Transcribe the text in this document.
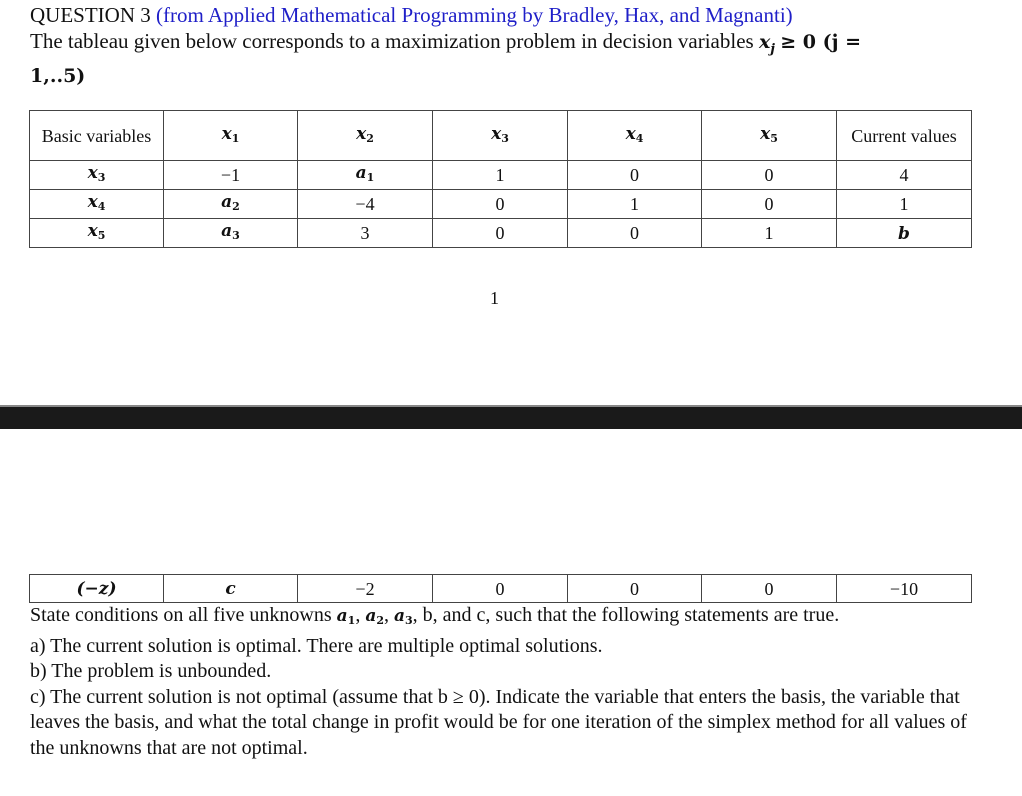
QUESTION 3 (from Applied Mathematical Programming by Bradley, Hax, and Magnanti)
The tableau given below corresponds to a maximization problem in decision variables $x_j \ge 0$ (j =
1,..5)
Basic variables	$x_1$	$x_2$	$x_3$	$x_4$	$x_5$	Current values
$x_3$	−1	$a_1$	1	0	0	4
$x_4$	$a_2$	−4	0	1	0	1
$x_5$	$a_3$	3	0	0	1	b
1
(−z)	c	−2	0	0	0	−10

State conditions on all five unknowns $a_1$, $a_2$, $a_3$, b, and c, such that the following statements are true.

a) The current solution is optimal. There are multiple optimal solutions.

b) The problem is unbounded.

c) The current solution is not optimal (assume that b ≥ 0). Indicate the variable that enters the basis, the variable that leaves the basis, and what the total change in profit would be for one iteration of the simplex method for all values of the unknowns that are not optimal.
